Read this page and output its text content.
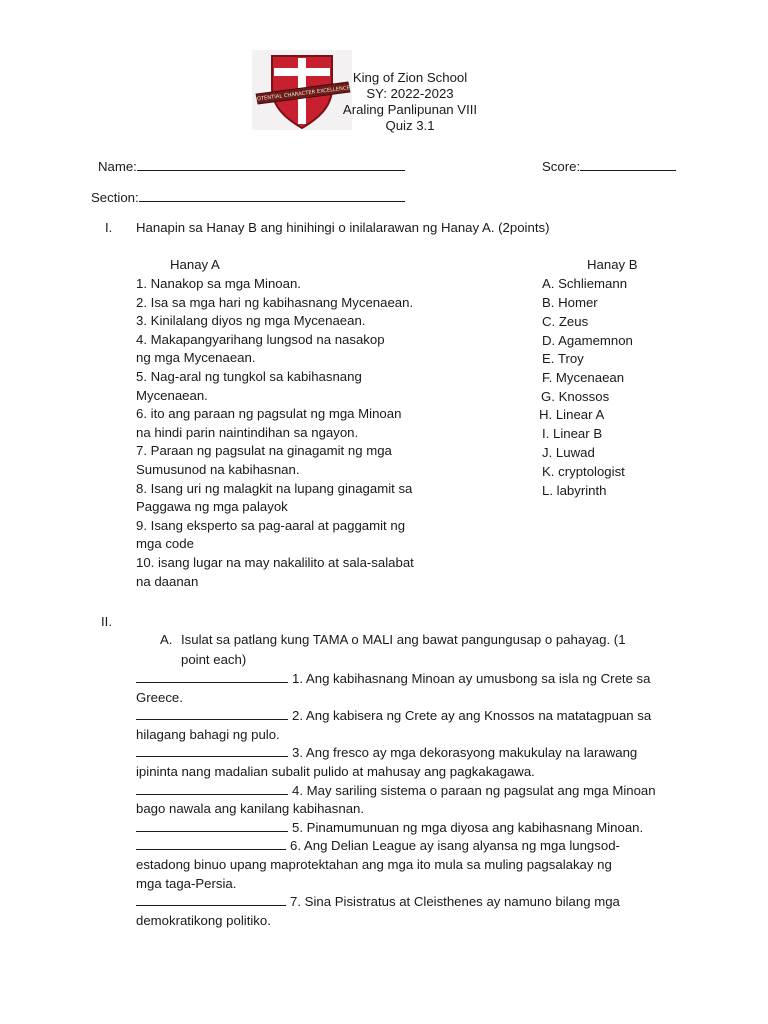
POTENTIAL CHARACTER EXCELLENCE
King of Zion School
SY: 2022-2023
Araling Panlipunan VIII
Quiz 3.1
Name:	Score:
Section:
I. Hanapin sa Hanay B ang hinihingi o inilalarawan ng Hanay A. (2points)
Hanay A	Hanay B
1. Nanakop sa mga Minoan.
2. Isa sa mga hari ng kabihasnang Mycenaean.
3. Kinilalang diyos ng mga Mycenaean.
4. Makapangyarihang lungsod na nasakop
ng mga Mycenaean.
5. Nag-aral ng tungkol sa kabihasnang
Mycenaean.
6. ito ang paraan ng pagsulat ng mga Minoan
na hindi parin naintindihan sa ngayon.
7. Paraan ng pagsulat na ginagamit ng mga
Sumusunod na kabihasnan.
8. Isang uri ng malagkit na lupang ginagamit sa
Paggawa ng mga palayok
9. Isang eksperto sa pag-aaral at paggamit ng
mga code
10. isang lugar na may nakalilito at sala-salabat
na daanan
A. Schliemann
B. Homer
C. Zeus
D. Agamemnon
E. Troy
F. Mycenaean
G. Knossos
H. Linear A
I. Linear B
J. Luwad
K. cryptologist
L. labyrinth
II.
A. Isulat sa patlang kung TAMA o MALI ang bawat pangungusap o pahayag. (1
point each)
1. Ang kabihasnang Minoan ay umusbong sa isla ng Crete sa
Greece.
2. Ang kabisera ng Crete ay ang Knossos na matatagpuan sa
hilagang bahagi ng pulo.
3. Ang fresco ay mga dekorasyong makukulay na larawang
ipininta nang madalian subalit pulido at mahusay ang pagkakagawa.
4. May sariling sistema o paraan ng pagsulat ang mga Minoan
bago nawala ang kanilang kabihasnan.
5. Pinamumunuan ng mga diyosa ang kabihasnang Minoan.
6. Ang Delian League ay isang alyansa ng mga lungsod-
estadong binuo upang maprotektahan ang mga ito mula sa muling pagsalakay ng
mga taga-Persia.
7. Sina Pisistratus at Cleisthenes ay namuno bilang mga
demokratikong politiko.
